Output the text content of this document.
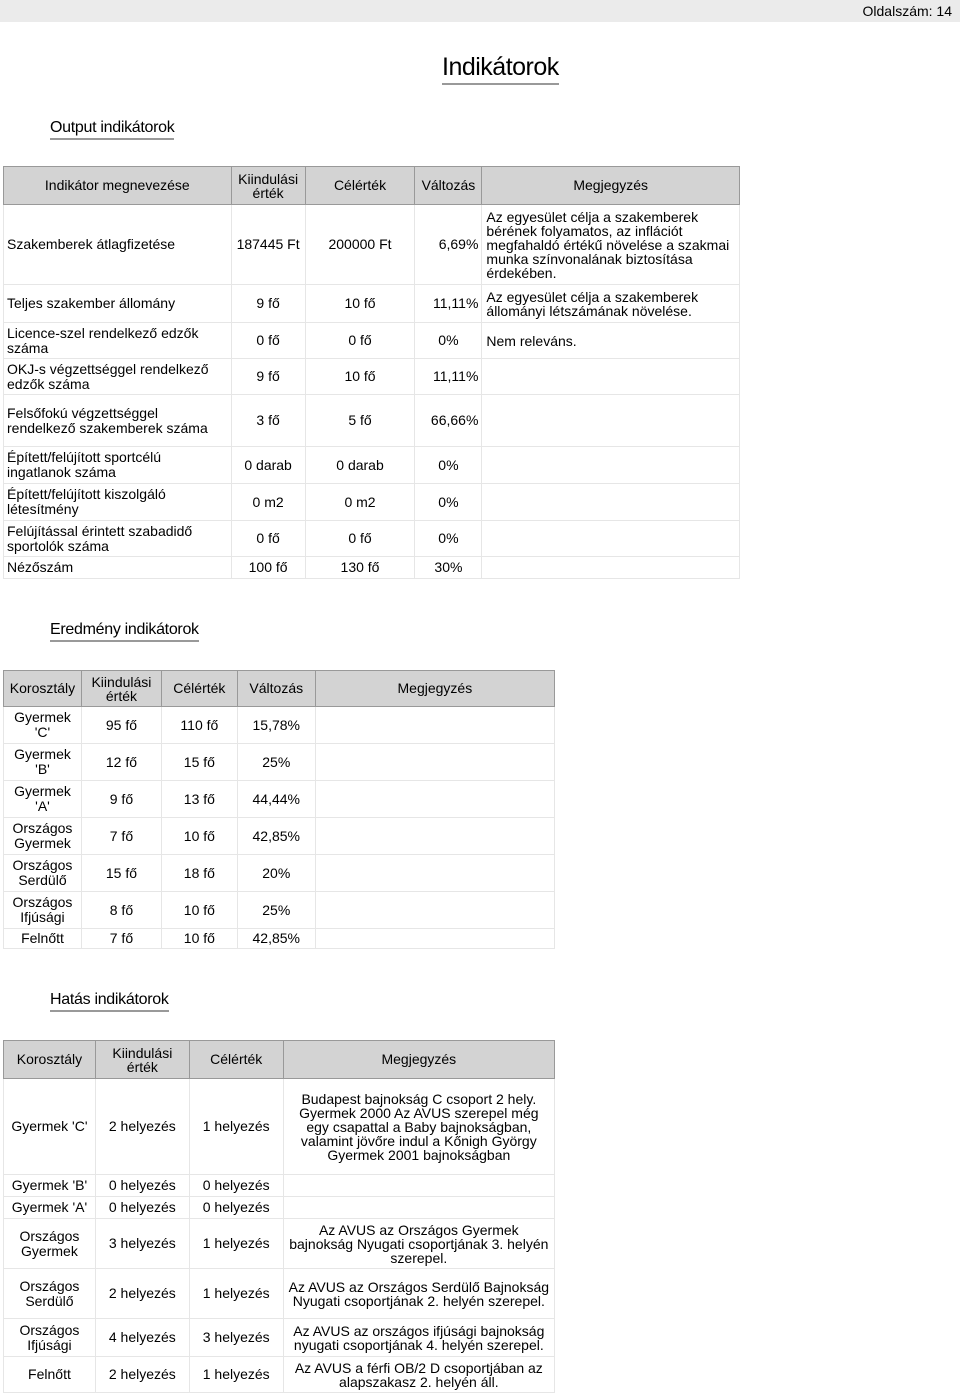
Oldalszám: 14
Indikátorok
Output indikátorok
Indikátor megnevezése	Kiindulási érték	Célérték	Változás	Megjegyzés
Szakemberek átlagfizetése	187445 Ft	200000 Ft	6,69%	Az egyesület célja a szakemberek bérének folyamatos, az inflációt megfahaldó értékű növelése a szakmai munka színvonalának biztosítása érdekében.
Teljes szakember állomány	9 fő	10 fő	11,11%	Az egyesület célja a szakemberek állományi létszámának növelése.
Licence-szel rendelkező edzők száma	0 fő	0 fő	0%	Nem releváns.
OKJ-s végzettséggel rendelkező edzők száma	9 fő	10 fő	11,11%	
Felsőfokú végzettséggel rendelkező szakemberek száma	3 fő	5 fő	66,66%	
Épített/felújított sportcélú ingatlanok száma	0 darab	0 darab	0%	
Épített/felújított kiszolgáló létesítmény	0 m2	0 m2	0%	
Felújítással érintett szabadidő sportolók száma	0 fő	0 fő	0%	
Nézőszám	100 fő	130 fő	30%	
Eredmény indikátorok
Korosztály	Kiindulási érték	Célérték	Változás	Megjegyzés
Gyermek 'C'	95 fő	110 fő	15,78%	
Gyermek 'B'	12 fő	15 fő	25%	
Gyermek 'A'	9 fő	13 fő	44,44%	
Országos Gyermek	7 fő	10 fő	42,85%	
Országos Serdülő	15 fő	18 fő	20%	
Országos Ifjúsági	8 fő	10 fő	25%	
Felnőtt	7 fő	10 fő	42,85%	
Hatás indikátorok
Korosztály	Kiindulási érték	Célérték	Megjegyzés
Gyermek 'C'	2 helyezés	1 helyezés	Budapest bajnokság C csoport 2 hely. Gyermek 2000 Az AVUS szerepel még egy csapattal a Baby bajnokságban, valamint jövőre indul a Kőnigh György Gyermek 2001 bajnokságban
Gyermek 'B'	0 helyezés	0 helyezés	
Gyermek 'A'	0 helyezés	0 helyezés	
Országos Gyermek	3 helyezés	1 helyezés	Az AVUS az Országos Gyermek bajnokság Nyugati csoportjának 3. helyén szerepel.
Országos Serdülő	2 helyezés	1 helyezés	Az AVUS az Országos Serdülő Bajnokság Nyugati csoportjának 2. helyén szerepel.
Országos Ifjúsági	4 helyezés	3 helyezés	Az AVUS az országos ifjúsági bajnokság nyugati csoportjának 4. helyén szerepel.
Felnőtt	2 helyezés	1 helyezés	Az AVUS a férfi OB/2 D csoportjában az alapszakasz 2. helyén áll.
